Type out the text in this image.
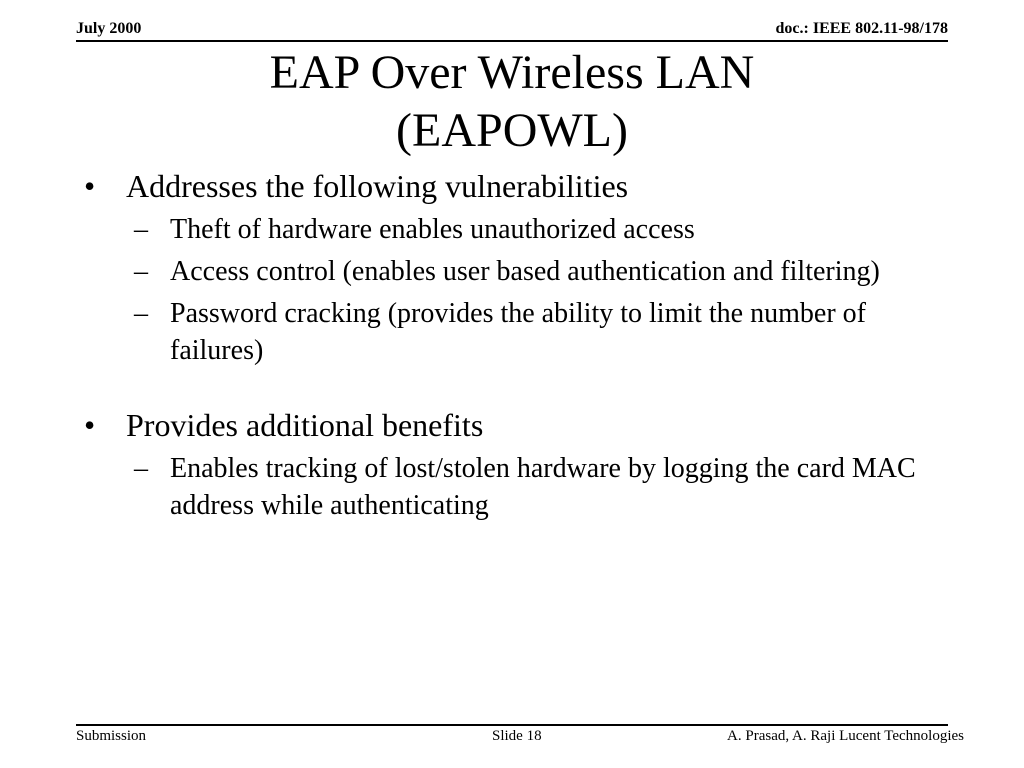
July 2000	doc.: IEEE 802.11-98/178
EAP Over Wireless LAN
(EAPOWL)
• Addresses the following vulnerabilities
– Theft of hardware enables unauthorized access
– Access control (enables user based authentication and filtering)
– Password cracking (provides the ability to limit the number of failures)
• Provides additional benefits
– Enables tracking of lost/stolen hardware by logging the card MAC address while authenticating
Submission	Slide 18	A. Prasad, A. Raji Lucent Technologies
